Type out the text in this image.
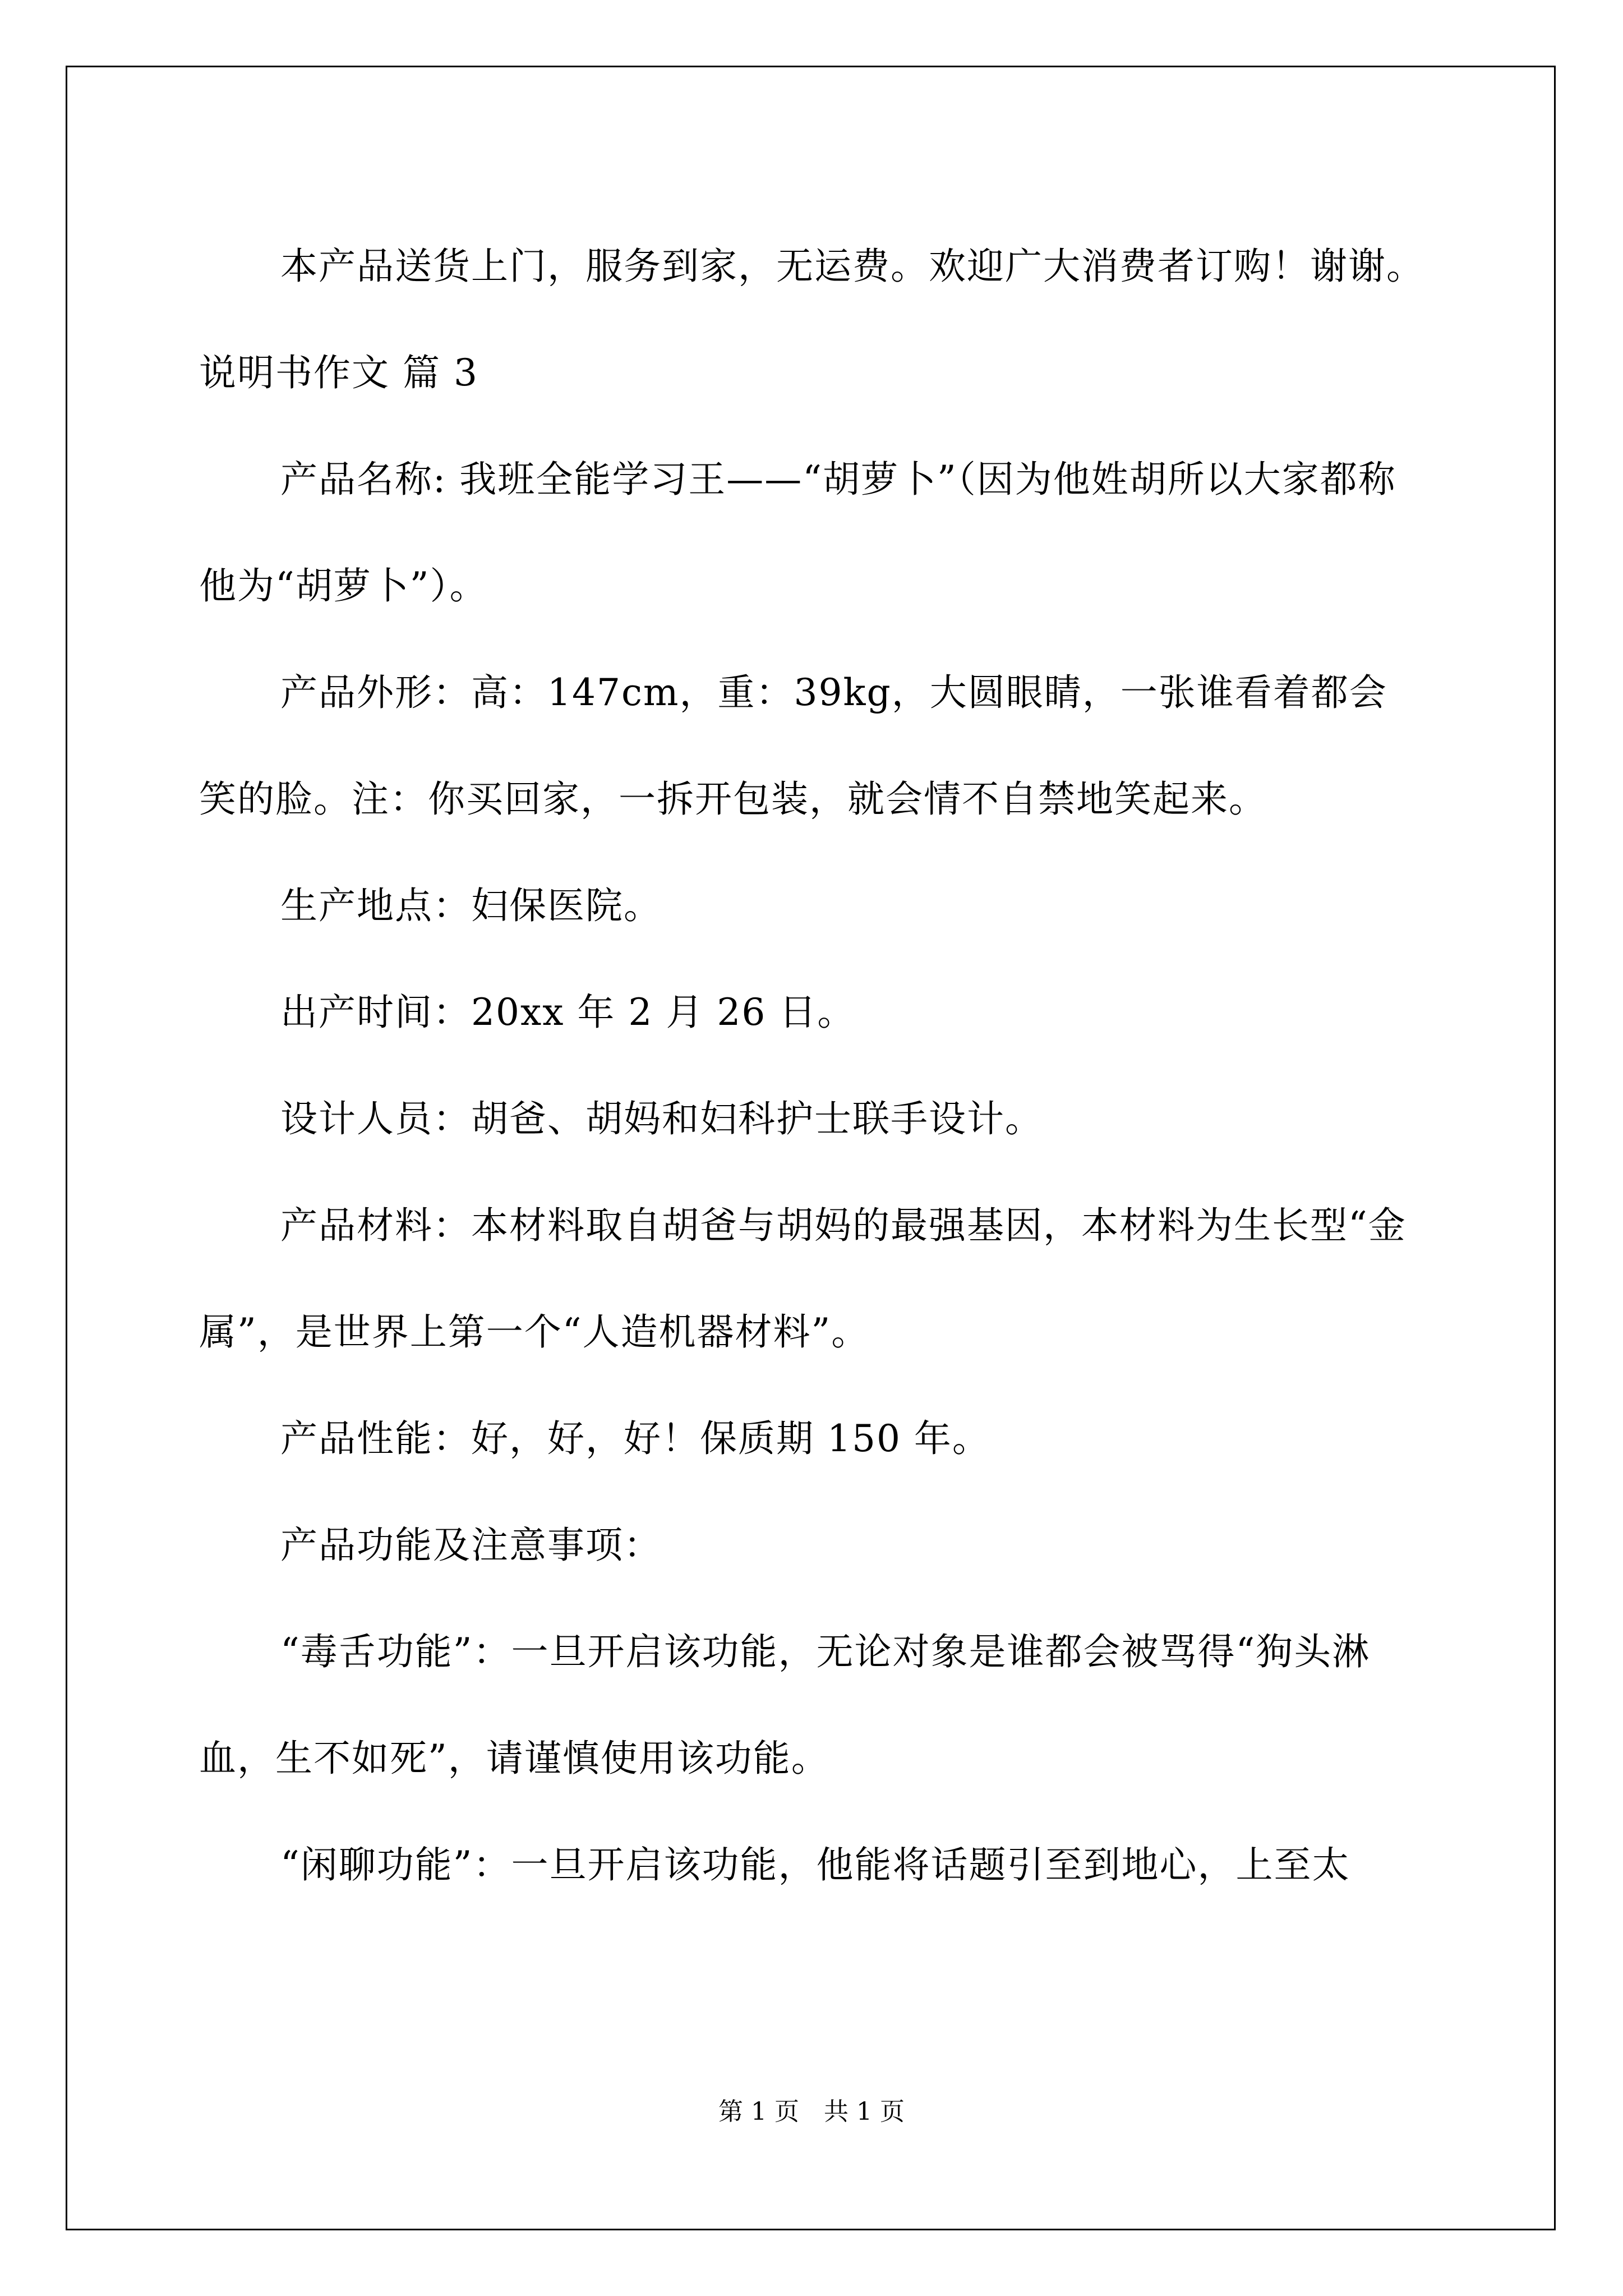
本产品送货上门，服务到家，无运费。欢迎广大消费者订购！谢谢。

说明书作文 篇 3

产品名称: 我班全能学习王——“胡萝卜”（因为他姓胡所以大家都称他为“胡萝卜”）。

产品外形：高：147cm，重：39kg，大圆眼睛，一张谁看着都会笑的脸。注：你买回家，一拆开包装，就会情不自禁地笑起来。

生产地点：妇保医院。

出产时间：20xx 年 2 月 26 日。

设计人员：胡爸、胡妈和妇科护士联手设计。

产品材料：本材料取自胡爸与胡妈的最强基因，本材料为生长型“金属”，是世界上第一个“人造机器材料”。

产品性能：好，好，好！保质期 150 年。

产品功能及注意事项：

“毒舌功能”：一旦开启该功能，无论对象是谁都会被骂得“狗头淋血，生不如死”，请谨慎使用该功能。

“闲聊功能”：一旦开启该功能，他能将话题引至到地心，上至太

第 1 页　共 1 页
